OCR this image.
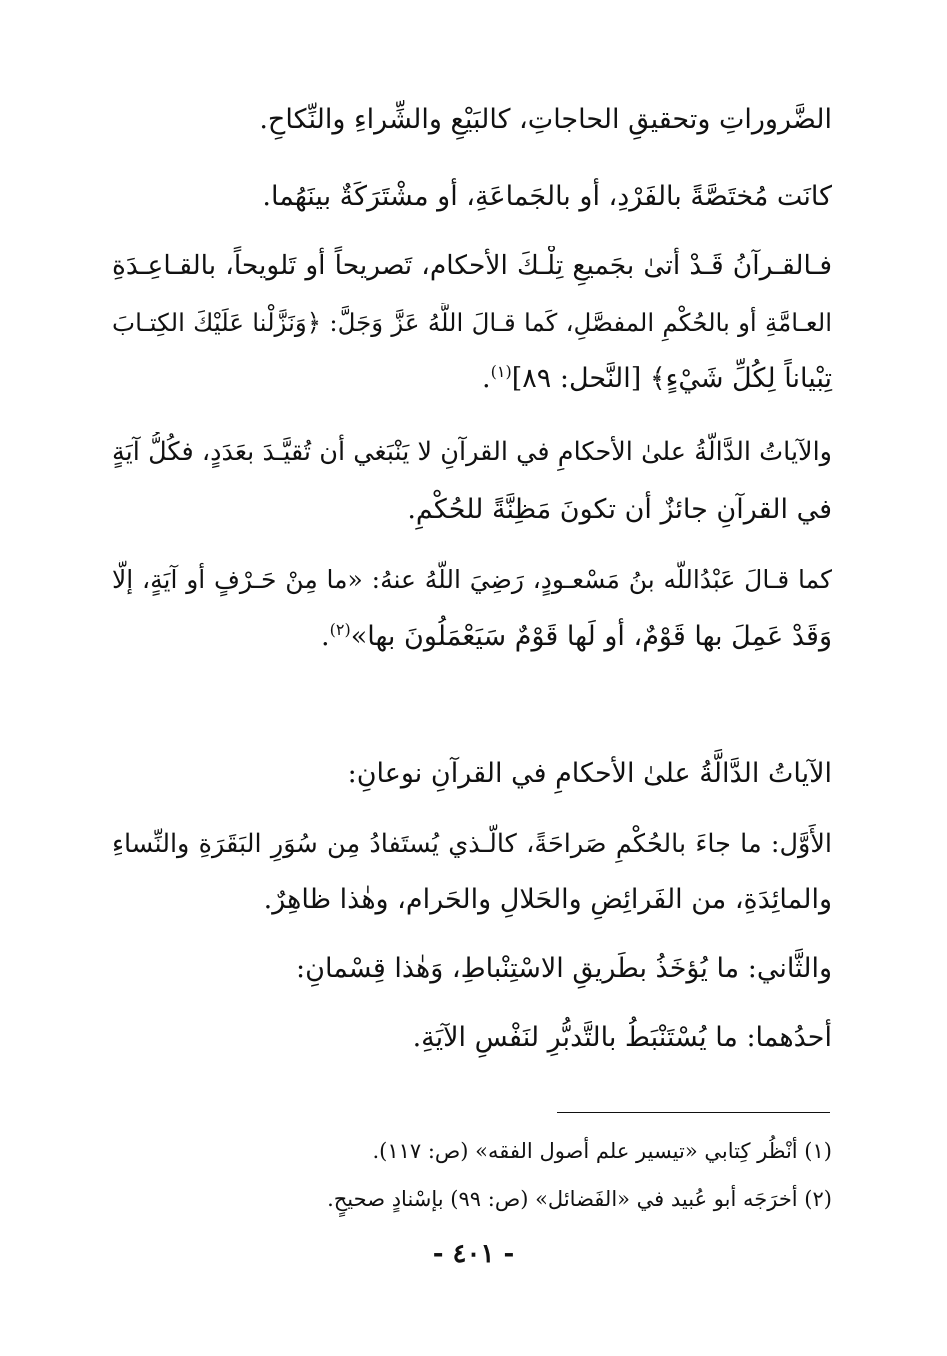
الضَّروراتِ وتحقيقِ الحاجاتِ، كالبَيْعِ والشِّراءِ والنِّكاحِ.
كانَت مُختَصَّةً بالفَرْدِ، أو بالجَماعَةِ، أو مشْتَرَكَةٌ بينَهُما.
فـالقـرآنُ قَـدْ أتىٰ بجَميعِ تِلْـكَ الأحكام، تَصريحاً أو تَلويحاً، بالقـاعِـدَةِ
العـامَّةِ أو بالحُكْمِ المفصَّلِ، كَما قـالَ اللَّهُ عَزَّ وَجَلَّ: ﴿وَنَزَّلْنا عَلَيْكَ الكِتـابَ
تِبْياناً لِكُلِّ شَيْءٍ﴾ [النَّحل: ٨٩]$^{(١)}$.
والآياتُ الدَّالَّةُ علىٰ الأحكامِ في القرآنِ لا يَنْبَغي أن تُقيَّـدَ بعَدَدٍ، فكُلُّ آيَةٍ
في القرآنِ جائزٌ أن تكونَ مَظِنَّةً للحُكْمِ.
كما قـالَ عَبْدُاللَّه بنُ مَسْعـودٍ، رَضِيَ اللَّهُ عنهُ: «ما مِنْ حَـرْفٍ أو آيَةٍ، إلَّا
وَقَدْ عَمِلَ بها قَوْمٌ، أو لَها قَوْمٌ سَيَعْمَلُونَ بها»$^{(٢)}$.
الآياتُ الدَّالَّةُ علىٰ الأحكامِ في القرآنِ نوعانِ:
الأَوَّل: ما جاءَ بالحُكْمِ صَراحَةً، كالَّـذي يُستَفادُ مِن سُوَرِ البَقَرَةِ والنِّساءِ
والمائِدَةِ، من الفَرائِضِ والحَلالِ والحَرام، وهٰذا ظاهِرٌ.
والثَّاني: ما يُؤخَذُ بطَريقِ الاسْتِنْباطِ، وَهٰذا قِسْمانِ:
أحدُهما: ما يُسْتَنْبَطُ بالتَّدبُّرِ لنَفْسِ الآيَةِ.
(١) أنْظُر كِتابي «تيسير علم أصول الفقه» (ص: ١١٧).
(٢) أخرَجَه أبو عُبيد في «الفَضائل» (ص: ٩٩) بإسْنادٍ صحيحٍ.
- ٤٠١ -
